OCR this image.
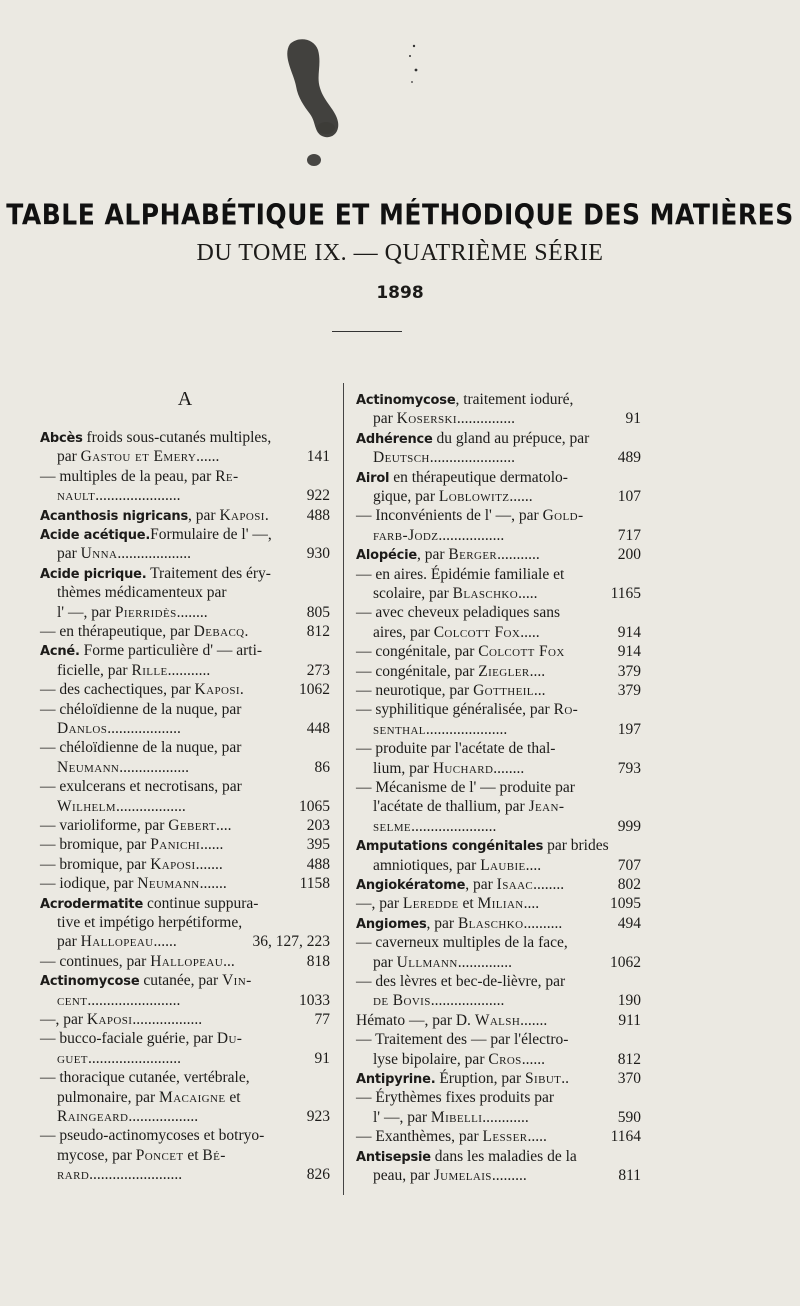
TABLE ALPHABÉTIQUE ET MÉTHODIQUE DES MATIÈRES
DU TOME IX. — QUATRIÈME SÉRIE
1898
A
Abcès froids sous-cutanés multiples,
par Gastou et Emery......	141
— multiples de la peau, par Re-
nault......................	922
Acanthosis nigricans, par Kaposi. 488
Acide acétique.Formulaire de l' —,
par Unna...................	930
Acide picrique. Traitement des éry-
thèmes médicamenteux par
l' —, par Pierridès........	805
— en thérapeutique, par Debacq.	812
Acné. Forme particulière d' — arti-
ficielle, par Rille...........	273
— des cachectiques, par Kaposi.	1062
— chéloïdienne de la nuque, par
Danlos...................	448
— chéloïdienne de la nuque, par
Neumann..................	86
— exulcerans et necrotisans, par
Wilhelm..................	1065
— varioliforme, par Gebert....	203
— bromique, par Panichi......	395
— bromique, par Kaposi.......	488
— iodique, par Neumann.......	1158
Acrodermatite continue suppura-
tive et impétigo herpétiforme,
par Hallopeau......	36, 127, 223
— continues, par Hallopeau...	818
Actinomycose cutanée, par Vin-
cent........................	1033
—, par Kaposi..................	77
— bucco-faciale guérie, par Du-
guet........................	91
— thoracique cutanée, vertébrale,
pulmonaire, par Macaigne et
Raingeard..................	923
— pseudo-actinomycoses et botryo-
mycose, par Poncet et Bé-
rard........................	826
Actinomycose, traitement ioduré,
par Koserski...............	91
Adhérence du gland au prépuce, par
Deutsch......................	489
Airol en thérapeutique dermatolo-
gique, par Loblowitz......	107
— Inconvénients de l' —, par Gold-
farb-Jodz.................	717
Alopécie, par Berger...........	200
— en aires. Épidémie familiale et
scolaire, par Blaschko.....	1165
— avec cheveux peladiques sans
aires, par Colcott Fox.....	914
— congénitale, par Colcott Fox	914
— congénitale, par Ziegler....	379
— neurotique, par Gottheil...	379
— syphilitique généralisée, par Ro-
senthal.....................	197
— produite par l'acétate de thal-
lium, par Huchard........	793
— Mécanisme de l' — produite par
l'acétate de thallium, par Jean-
selme......................	999
Amputations congénitales par brides
amniotiques, par Laubie....	707
Angiokératome, par Isaac........	802
—, par Leredde et Milian....	1095
Angiomes, par Blaschko..........	494
— caverneux multiples de la face,
par Ullmann..............	1062
— des lèvres et bec-de-lièvre, par
de Bovis...................	190
Hémato —, par D. Walsh.......	911
— Traitement des — par l'électro-
lyse bipolaire, par Cros......	812
Antipyrine. Éruption, par Sibut..	370
— Érythèmes fixes produits par
l' —, par Mibelli............	590
— Exanthèmes, par Lesser.....	1164
Antisepsie dans les maladies de la
peau, par Jumelais.........	811
